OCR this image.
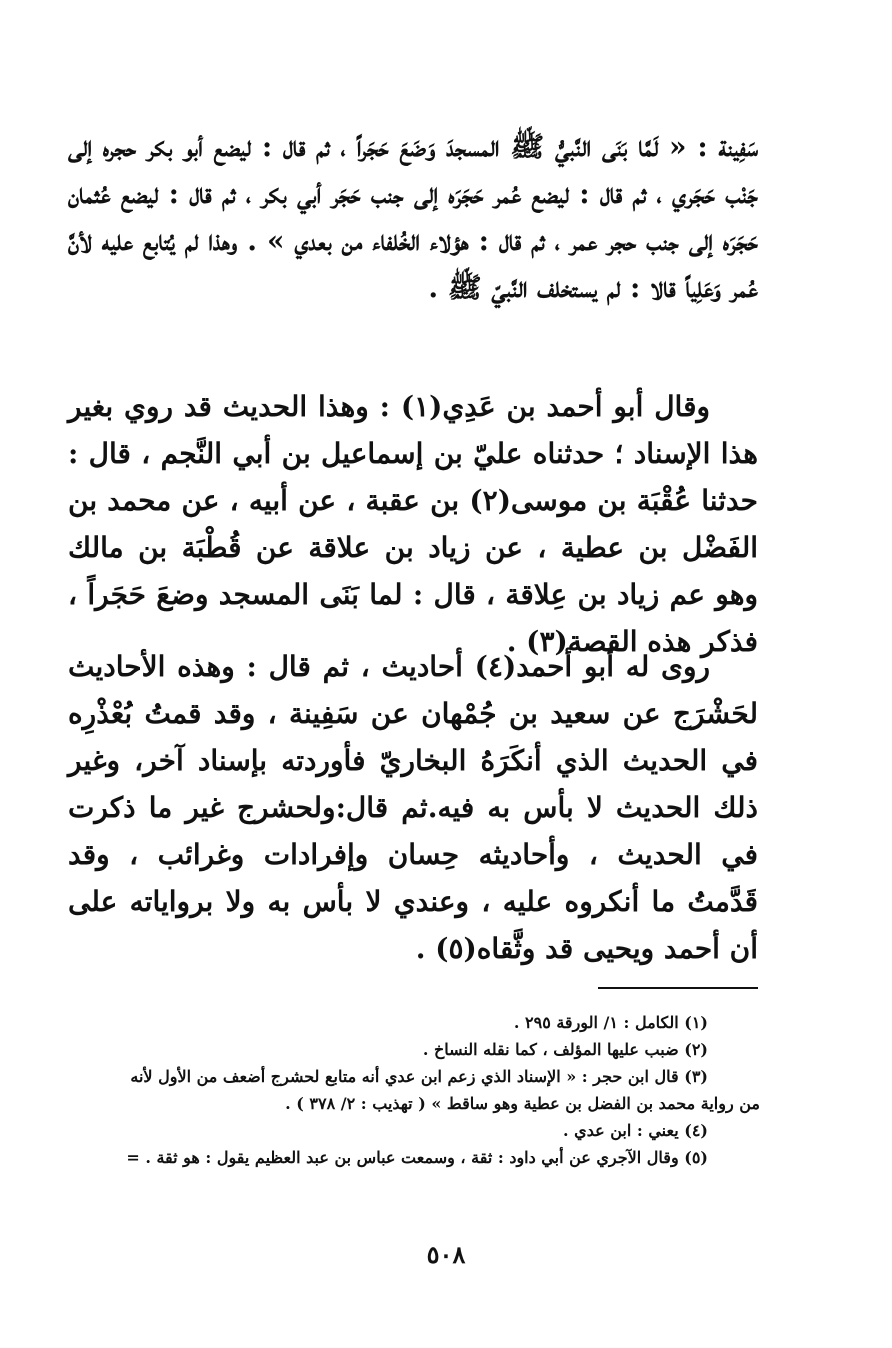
سَفِينة : « لَمَّا بَنَى النَّبيُّ ﷺ المسجدَ وَضَعَ حَجَراً ، ثم قال : ليضع أبو بكر حجره إلى جَنْب حَجَري ، ثم قال : ليضع عُمر حَجَرَه إلى جنب حَجَر أبي بكر ، ثم قال : ليضع عُثمان حَجَرَه إلى جنب حجر عمر ، ثم قال : هؤلاء الخُلفاء من بعدي » . وهذا لم يُتابع عليه لأنَّ عُمر وَعَلِياً قالا : لم يستخلف النَّبيّ ﷺ .

وقال أبو أحمد بن عَدِي(١) : وهذا الحديث قد روي بغير هذا الإسناد ؛ حدثناه عليّ بن إسماعيل بن أبي النَّجم ، قال : حدثنا عُقْبَة بن موسى(٢) بن عقبة ، عن أبيه ، عن محمد بن الفَضْل بن عطية ، عن زياد بن علاقة عن قُطْبَة بن مالك وهو عم زياد بن عِلاقة ، قال : لما بَنَى المسجد وضعَ حَجَراً ، فذكر هذه القصة(٣) .

روى له أبو أحمد(٤) أحاديث ، ثم قال : وهذه الأحاديث لحَشْرَج عن سعيد بن جُمْهان عن سَفِينة ، وقد قمتُ بُعْذْرِه في الحديث الذي أنكَرَهُ البخاريّ فأوردته بإسناد آخر، وغير ذلك الحديث لا بأس به فيه.ثم قال:ولحشرج غير ما ذكرت في الحديث ، وأحاديثه حِسان وإفرادات وغرائب ، وقد قَدَّمتُ ما أنكروه عليه ، وعندي لا بأس به ولا برواياته على أن أحمد ويحيى قد وثَّقاه(٥) .

(١) الكامل : ١/ الورقة ٢٩٥ .

(٢) ضبب عليها المؤلف ، كما نقله النساخ .

(٣) قال ابن حجر : « الإسناد الذي زعم ابن عدي أنه متابع لحشرج أضعف من الأول لأنه
من رواية محمد بن الفضل بن عطية وهو ساقط » ( تهذيب : ٢/ ٣٧٨ ) .

(٤) يعني : ابن عدي .

(٥) وقال الآجري عن أبي داود : ثقة ، وسمعت عباس بن عبد العظيم يقول : هو ثقة . =

٥٠٨
